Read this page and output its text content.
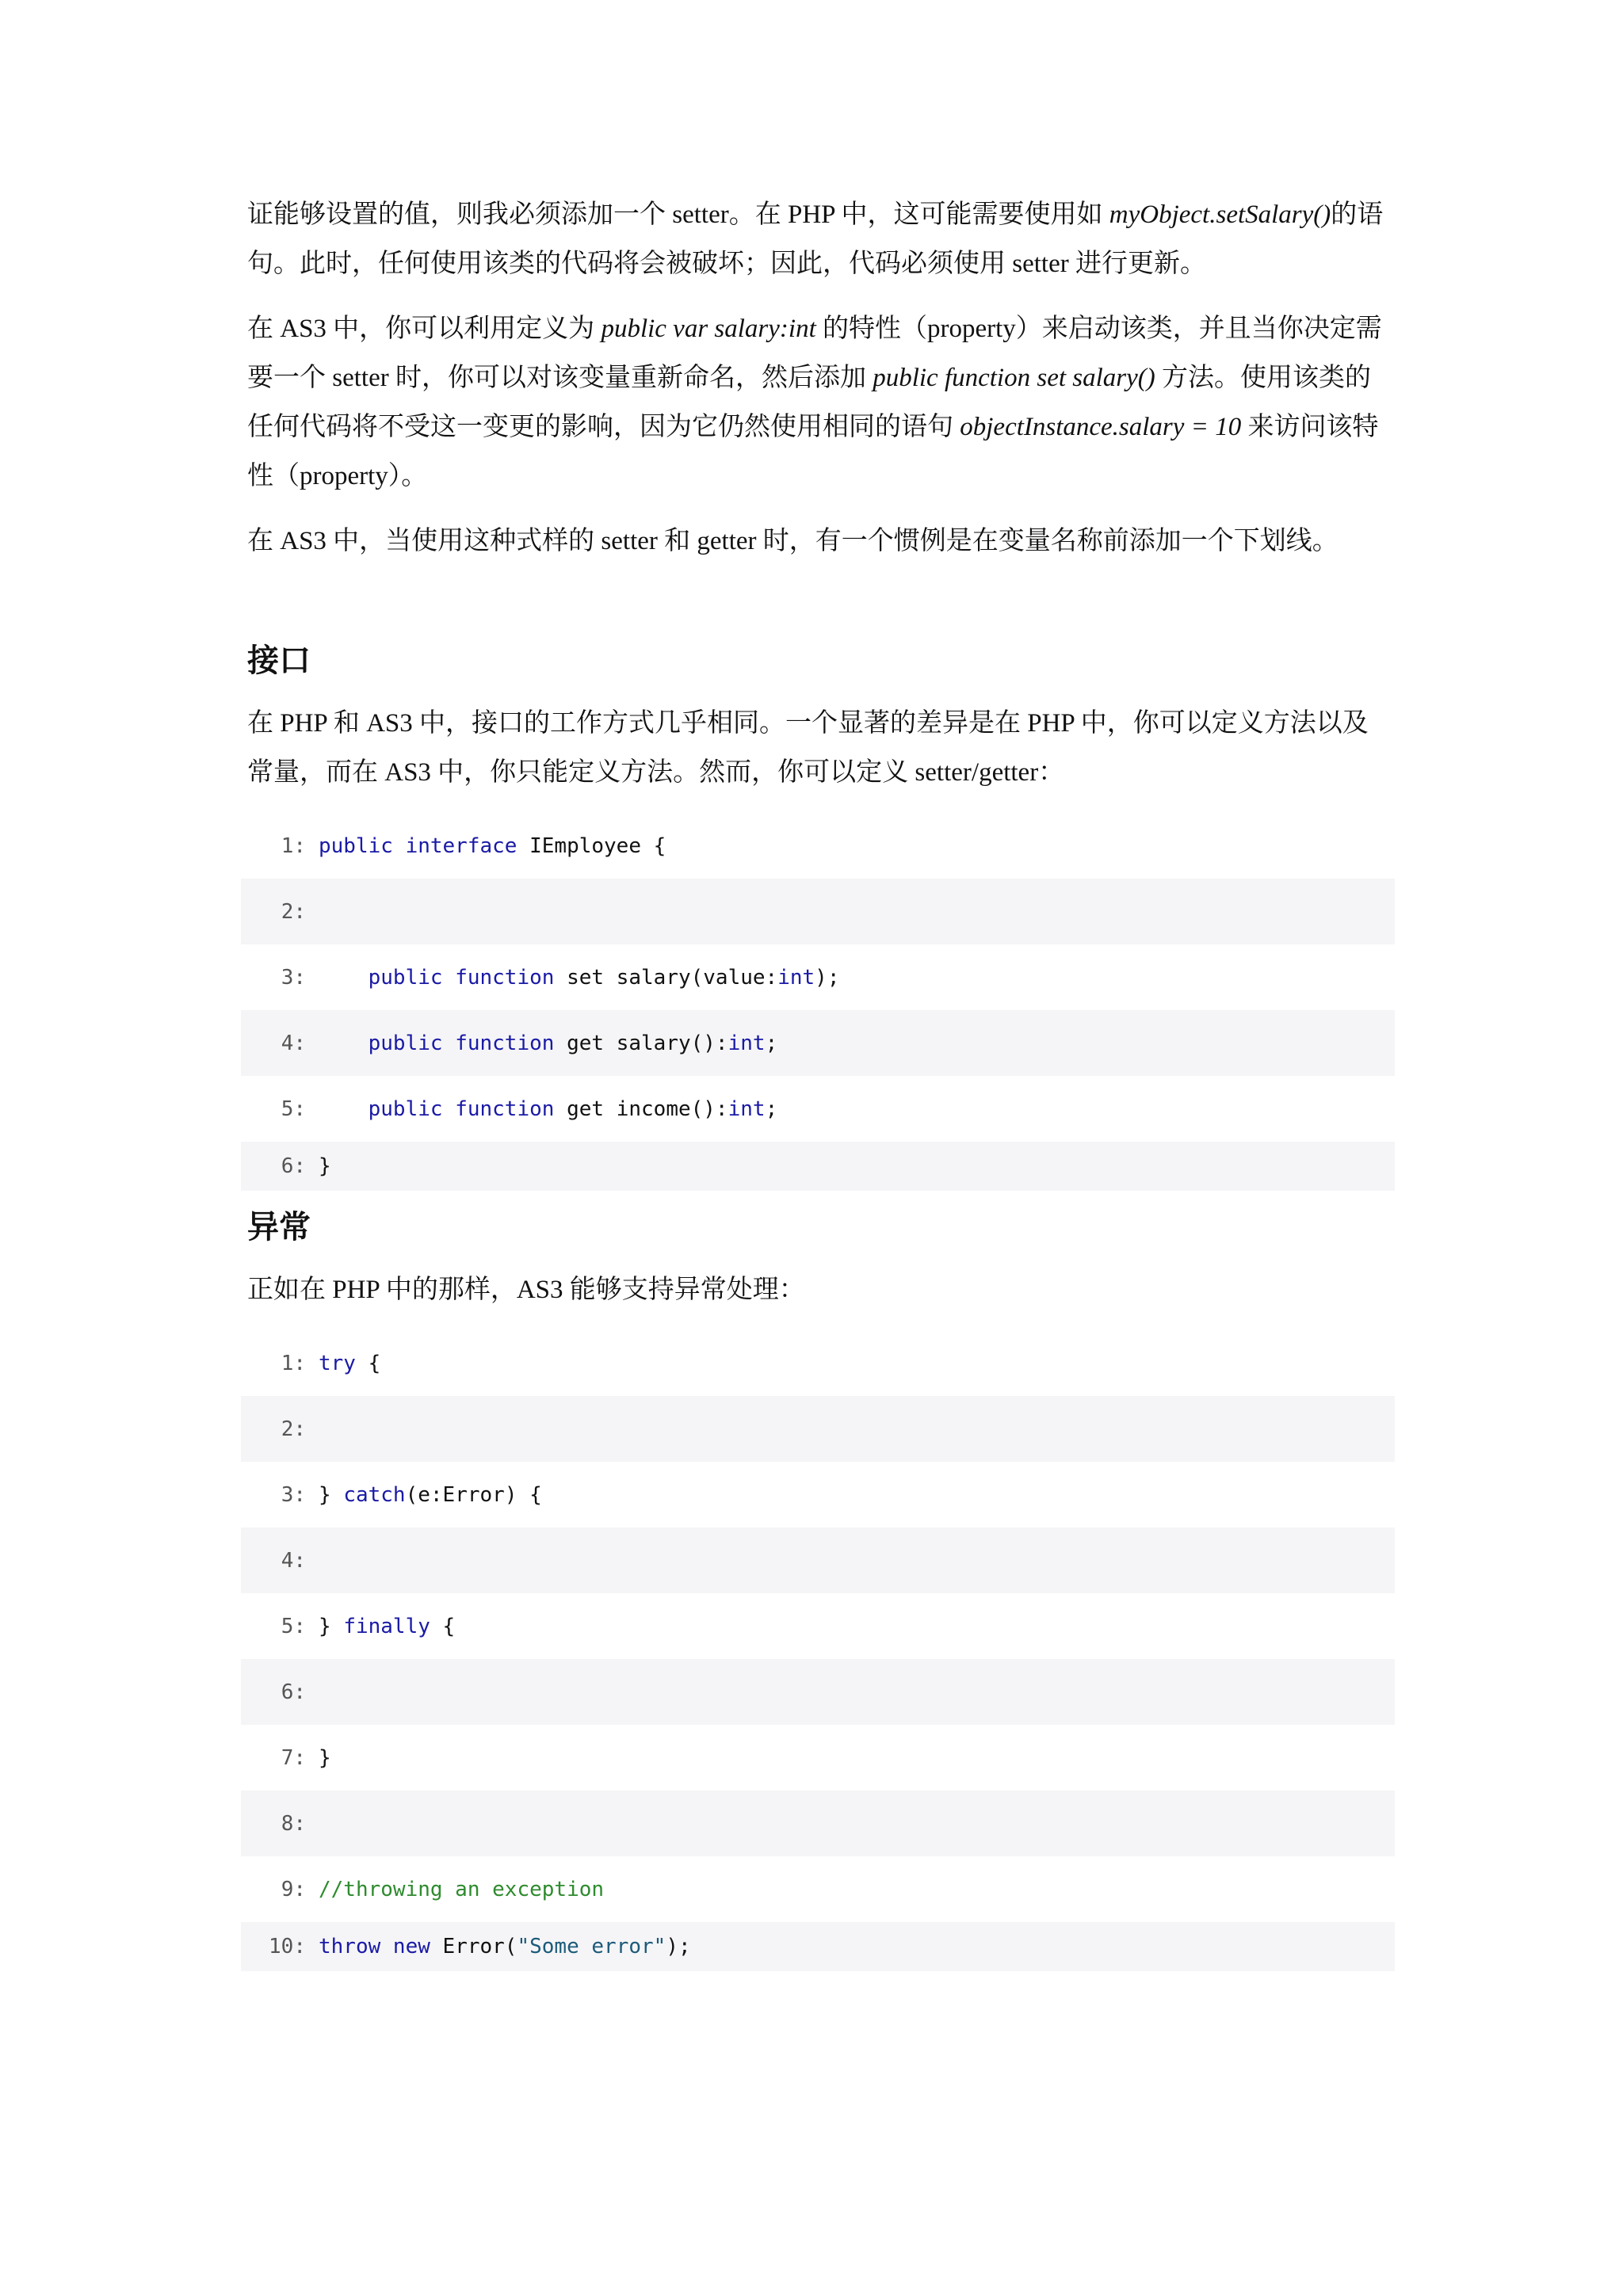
证能够设置的值，则我必须添加一个 setter。在 PHP 中，这可能需要使用如 myObject.setSalary()的语句。此时，任何使用该类的代码将会被破坏；因此，代码必须使用 setter 进行更新。

在 AS3 中，你可以利用定义为 public var salary:int 的特性（property）来启动该类，并且当你决定需要一个 setter 时，你可以对该变量重新命名，然后添加 public function set salary() 方法。使用该类的任何代码将不受这一变更的影响，因为它仍然使用相同的语句 objectInstance.salary = 10 来访问该特性（property）。

在 AS3 中，当使用这种式样的 setter 和 getter 时，有一个惯例是在变量名称前添加一个下划线。

接口

在 PHP 和 AS3 中，接口的工作方式几乎相同。一个显著的差异是在 PHP 中，你可以定义方法以及常量，而在 AS3 中，你只能定义方法。然而，你可以定义 setter/getter：

1: public interface IEmployee {
2:
3:	public function set salary(value:int);
4:	public function get salary():int;
5:	public function get income():int;
6: }
异常

正如在 PHP 中的那样，AS3 能够支持异常处理：

1: try {
2:
3: } catch(e:Error) {
4:
5: } finally {
6:
7: }
8:
9: //throwing an exception
10: throw new Error("Some error");
